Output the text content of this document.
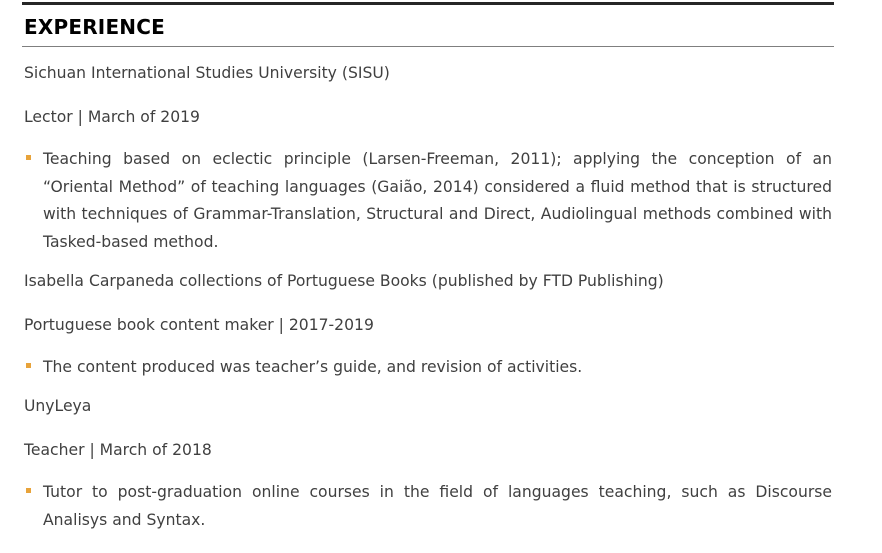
EXPERIENCE

Sichuan International Studies University (SISU)

Lector | March of 2019

Teaching based on eclectic principle (Larsen-Freeman, 2011); applying the conception of an “Oriental Method” of teaching languages (Gaião, 2014) considered a fluid method that is structured with techniques of Grammar-Translation, Structural and Direct, Audiolingual methods combined with Tasked-based method.

Isabella Carpaneda collections of Portuguese Books (published by FTD Publishing)

Portuguese book content maker | 2017-2019

The content produced was teacher’s guide, and revision of activities.

UnyLeya

Teacher | March of 2018

Tutor to post-graduation online courses in the field of languages teaching, such as Discourse Analisys and Syntax.
